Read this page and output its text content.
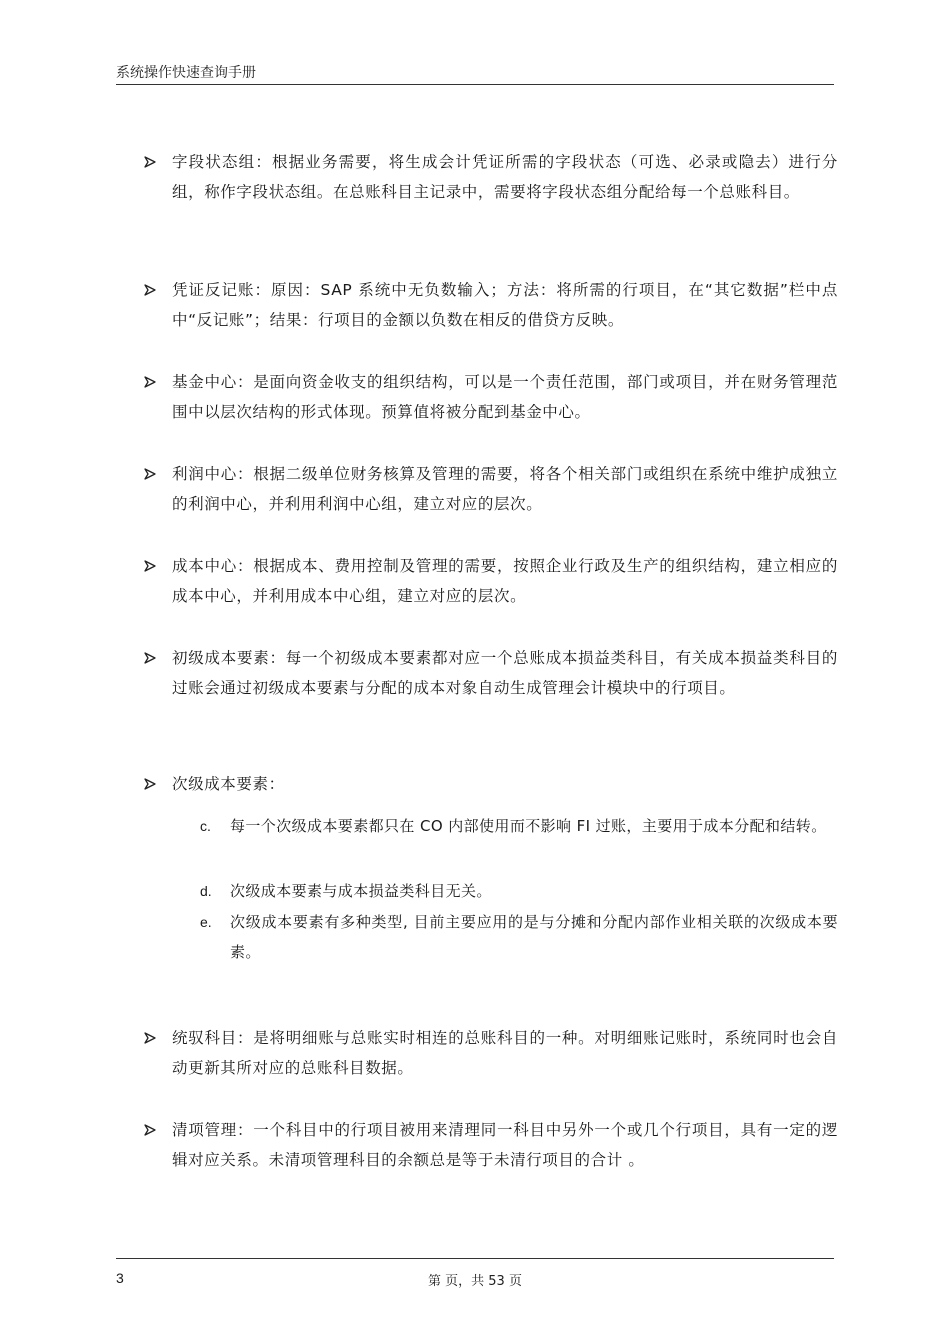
系统操作快速查询手册
字段状态组：根据业务需要，将生成会计凭证所需的字段状态（可选、必录或隐去）进行分组，称作字段状态组。在总账科目主记录中，需要将字段状态组分配给每一个总账科目。
凭证反记账：原因：SAP 系统中无负数输入；方法：将所需的行项目，在“其它数据”栏中点中“反记账”；结果：行项目的金额以负数在相反的借贷方反映。
基金中心：是面向资金收支的组织结构，可以是一个责任范围，部门或项目，并在财务管理范围中以层次结构的形式体现。预算值将被分配到基金中心。
利润中心：根据二级单位财务核算及管理的需要，将各个相关部门或组织在系统中维护成独立的利润中心，并利用利润中心组，建立对应的层次。
成本中心：根据成本、费用控制及管理的需要，按照企业行政及生产的组织结构，建立相应的成本中心，并利用成本中心组，建立对应的层次。
初级成本要素：每一个初级成本要素都对应一个总账成本损益类科目，有关成本损益类科目的过账会通过初级成本要素与分配的成本对象自动生成管理会计模块中的行项目。
次级成本要素：
c. 每一个次级成本要素都只在 CO 内部使用而不影响 FI 过账，主要用于成本分配和结转。
d. 次级成本要素与成本损益类科目无关。
e. 次级成本要素有多种类型, 目前主要应用的是与分摊和分配内部作业相关联的次级成本要素。
统驭科目：是将明细账与总账实时相连的总账科目的一种。对明细账记账时，系统同时也会自动更新其所对应的总账科目数据。
清项管理：一个科目中的行项目被用来清理同一科目中另外一个或几个行项目，具有一定的逻辑对应关系。未清项管理科目的余额总是等于未清行项目的合计 。
3	第 页，共 53 页
